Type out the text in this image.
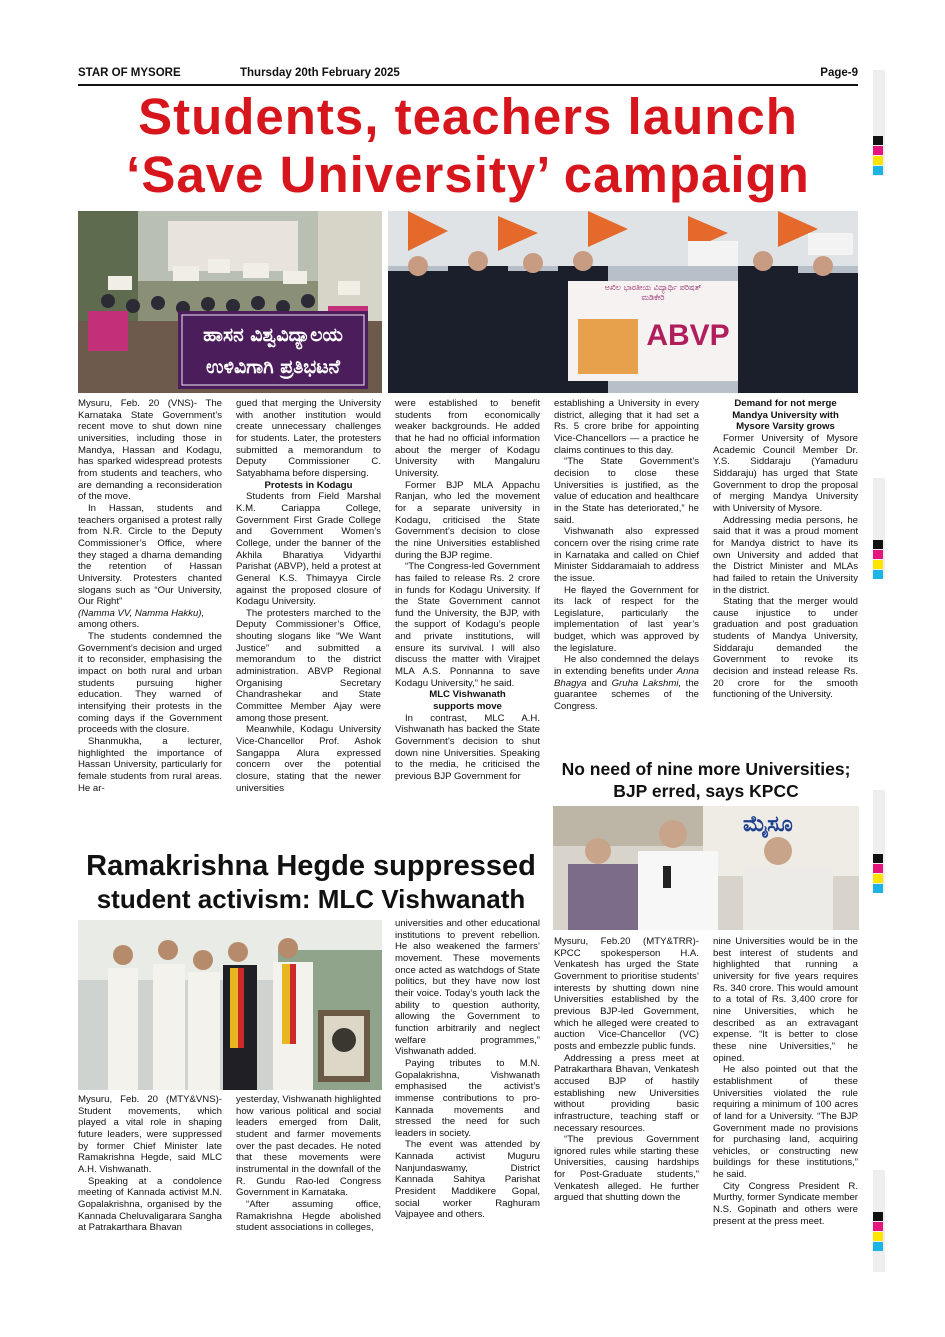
STAR OF MYSORE	Thursday 20th February 2025	Page-9
Students, teachers launch
‘Save University’ campaign
ಹಾಸನ ವಿಶ್ವವಿದ್ಯಾಲಯ
ಉಳಿವಿಗಾಗಿ ಪ್ರತಿಭಟನೆ
ಅಖಿಲ ಭಾರತೀಯ ವಿದ್ಯಾರ್ಥಿ ಪರಿಷತ್
ಮಡಿಕೇರಿ
ABVP

Mysuru, Feb. 20 (VNS)- The Karnataka State Government’s recent move to shut down nine universities, including those in Mandya, Hassan and Kodagu, has sparked widespread protests from students and teachers, who are demanding a reconsideration of the move.

In Hassan, students and teachers organised a protest rally from N.R. Circle to the Deputy Commissioner’s Office, where they staged a dharna demanding the retention of Hassan University. Protesters chanted slogans such as “Our University, Our Right”

(Namma VV, Namma Hakku),

among others.

The students condemned the Government’s decision and urged it to reconsider, emphasising the impact on both rural and urban students pursuing higher education. They warned of intensifying their protests in the coming days if the Government proceeds with the closure.

Shanmukha, a lecturer, highlighted the importance of Hassan University, particularly for female students from rural areas. He ar-

gued that merging the University with another institution would create unnecessary challenges for students. Later, the protesters submitted a memorandum to Deputy Commissioner C. Satyabhama before dispersing.

Protests in Kodagu

Students from Field Marshal K.M. Cariappa College, Government First Grade College and Government Women’s College, under the banner of the Akhila Bharatiya Vidyarthi Parishat (ABVP), held a protest at General K.S. Thimayya Circle against the proposed closure of Kodagu University.

The protesters marched to the Deputy Commissioner’s Office, shouting slogans like “We Want Justice” and submitted a memorandum to the district administration. ABVP Regional Organising Secretary Chandrashekar and State Committee Member Ajay were among those present.

Meanwhile, Kodagu University Vice-Chancellor Prof. Ashok Sangappa Alura expressed concern over the potential closure, stating that the newer universities

were established to benefit students from economically weaker backgrounds. He added that he had no official information about the merger of Kodagu University with Mangaluru University.

Former BJP MLA Appachu Ranjan, who led the movement for a separate university in Kodagu, criticised the State Government’s decision to close the nine Universities established during the BJP regime.

“The Congress-led Government has failed to release Rs. 2 crore in funds for Kodagu University. If the State Government cannot fund the University, the BJP, with the support of Kodagu’s people and private institutions, will ensure its survival. I will also discuss the matter with Virajpet MLA A.S. Ponnanna to save Kodagu University,” he said.

MLC Vishwanath

supports move

In contrast, MLC A.H. Vishwanath has backed the State Government’s decision to shut down nine Universities. Speaking to the media, he criticised the previous BJP Government for

establishing a University in every district, alleging that it had set a Rs. 5 crore bribe for appointing Vice-Chancellors — a practice he claims continues to this day.

“The State Government’s decision to close these Universities is justified, as the value of education and healthcare in the State has deteriorated,” he said.

Vishwanath also expressed concern over the rising crime rate in Karnataka and called on Chief Minister Siddaramaiah to address the issue.

He flayed the Government for its lack of respect for the Legislature, particularly the implementation of last year’s budget, which was approved by the legislature.

He also condemned the delays in extending benefits under Anna Bhagya and Gruha Lakshmi, the guarantee schemes of the Congress.

Demand for not merge

Mandya University with

Mysore Varsity grows

Former University of Mysore Academic Council Member Dr. Y.S. Siddaraju (Yamaduru Siddaraju) has urged that State Government to drop the proposal of merging Mandya University with University of Mysore.

Addressing media persons, he said that it was a proud moment for Mandya district to have its own University and added that the District Minister and MLAs had failed to retain the University in the district.

Stating that the merger would cause injustice to under graduation and post graduation students of Mandya University, Siddaraju demanded the Government to revoke its decision and instead release Rs. 20 crore for the smooth functioning of the University.

No need of nine more Universities;
BJP erred, says KPCC
ಮೈಸೂ
Ramakrishna Hegde suppressed
student activism: MLC Vishwanath

Mysuru, Feb. 20 (MTY&VNS)- Student movements, which played a vital role in shaping future leaders, were suppressed by former Chief Minister late Ramakrishna Hegde, said MLC A.H. Vishwanath.

Speaking at a condolence meeting of Kannada activist M.N. Gopalakrishna, organised by the Kannada Cheluvaligarara Sangha at Patrakarthara Bhavan

yesterday, Vishwanath highlighted how various political and social leaders emerged from Dalit, student and farmer movements over the past decades. He noted that these movements were instrumental in the downfall of the R. Gundu Rao-led Congress Government in Karnataka.

“After assuming office, Ramakrishna Hegde abolished student associations in colleges,

universities and other educational institutions to prevent rebellion. He also weakened the farmers’ movement. These movements once acted as watchdogs of State politics, but they have now lost their voice. Today’s youth lack the ability to question authority, allowing the Government to function arbitrarily and neglect welfare programmes,” Vishwanath added.

Paying tributes to M.N. Gopalakrishna, Vishwanath emphasised the activist’s immense contributions to pro-Kannada movements and stressed the need for such leaders in society.

The event was attended by Kannada activist Muguru Nanjundaswamy, District Kannada Sahitya Parishat President Maddikere Gopal, social worker Raghuram Vajpayee and others.

Mysuru, Feb.20 (MTY&TRR)- KPCC spokesperson H.A. Venkatesh has urged the State Government to prioritise students’ interests by shutting down nine Universities established by the previous BJP-led Government, which he alleged were created to auction Vice-Chancellor (VC) posts and embezzle public funds.

Addressing a press meet at Patrakarthara Bhavan, Venkatesh accused BJP of hastily establishing new Universities without providing basic infrastructure, teaching staff or necessary resources.

“The previous Government ignored rules while starting these Universities, causing hardships for Post-Graduate students,” Venkatesh alleged. He further argued that shutting down the

nine Universities would be in the best interest of students and highlighted that running a university for five years requires Rs. 340 crore. This would amount to a total of Rs. 3,400 crore for nine Universities, which he described as an extravagant expense. “It is better to close these nine Universities,” he opined.

He also pointed out that the establishment of these Universities violated the rule requiring a minimum of 100 acres of land for a University. “The BJP Government made no provisions for purchasing land, acquiring vehicles, or constructing new buildings for these institutions,” he said.

City Congress President R. Murthy, former Syndicate member N.S. Gopinath and others were present at the press meet.
